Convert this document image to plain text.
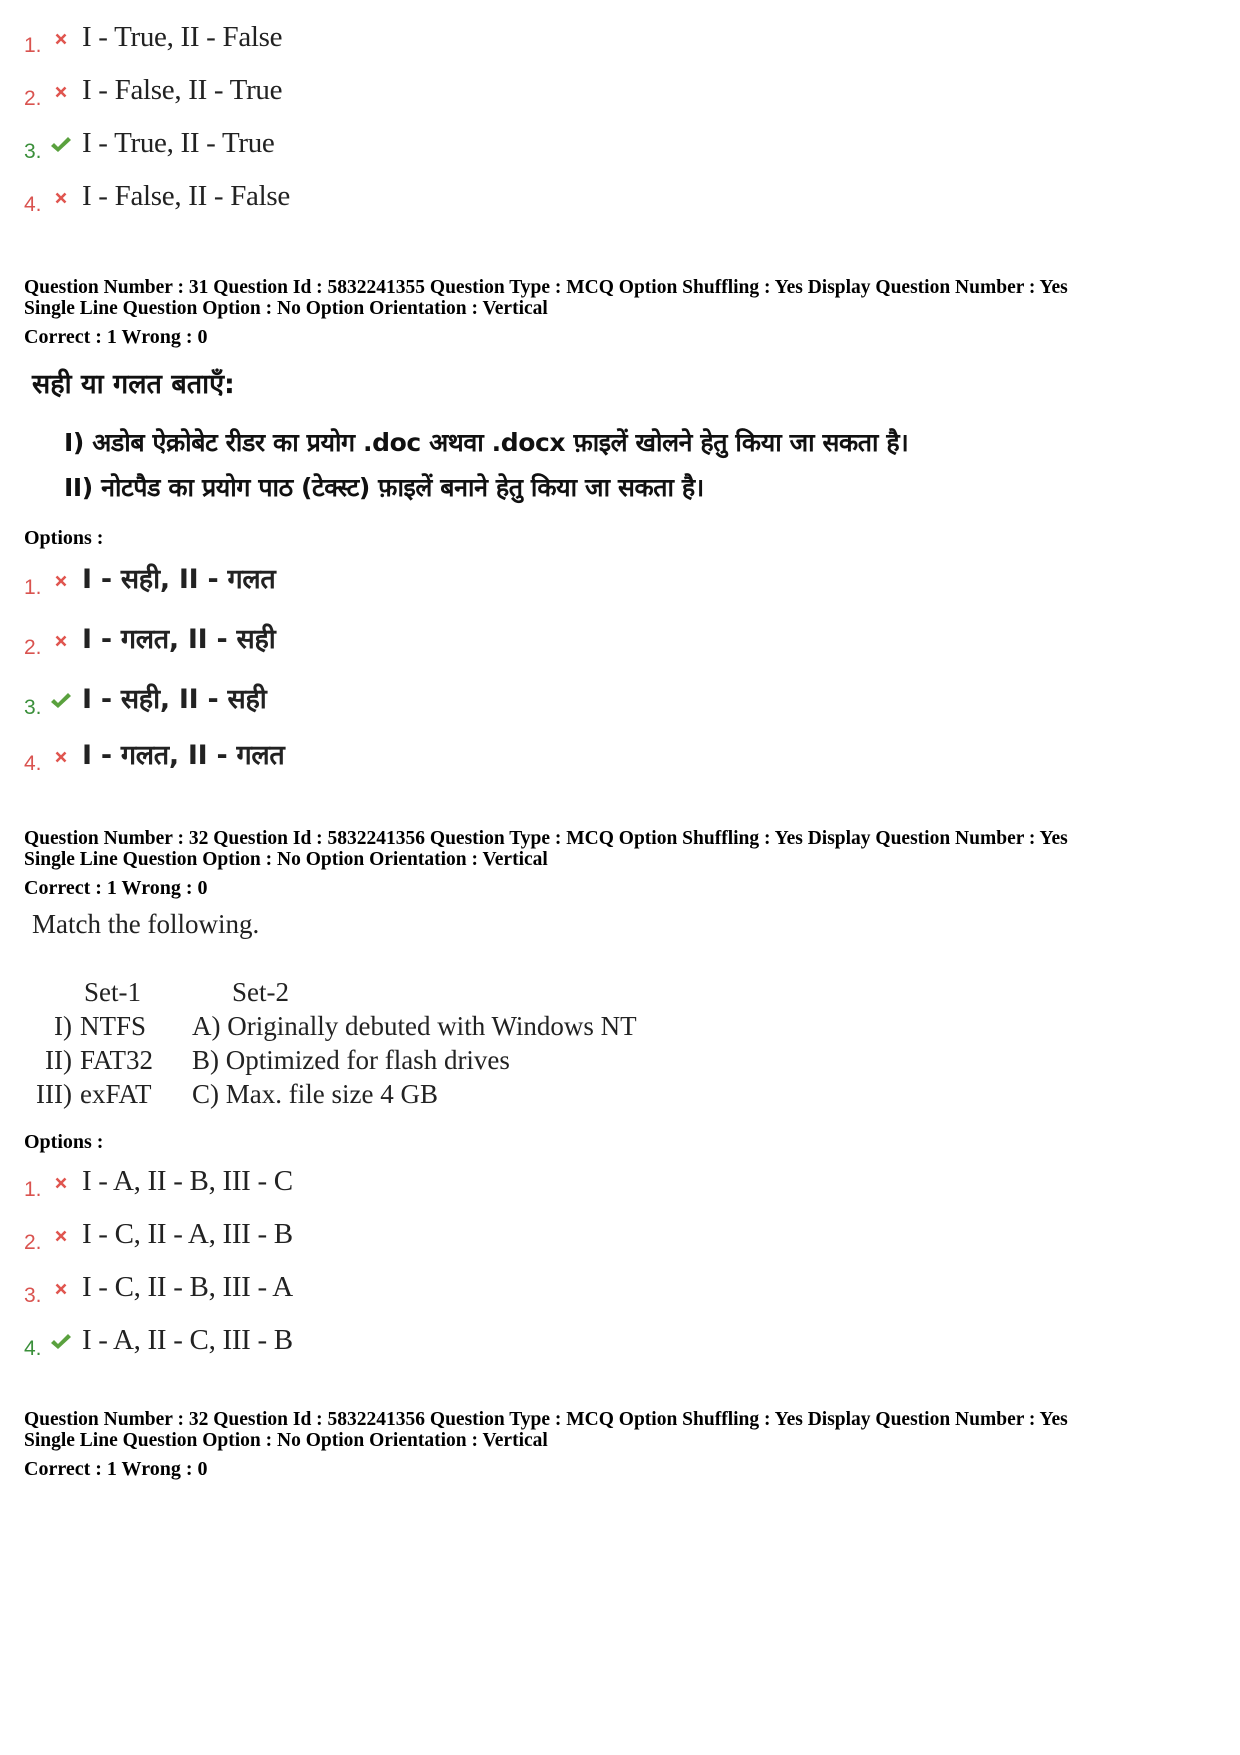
1. I - True, II - False
2. I - False, II - True
3. I - True, II - True
4. I - False, II - False
Question Number : 31 Question Id : 5832241355 Question Type : MCQ Option Shuffling : Yes Display Question Number : Yes
Single Line Question Option : No Option Orientation : Vertical
Correct : 1 Wrong : 0
सही या गलत बताएँ:
I) अडोब ऐक्रोबेट रीडर का प्रयोग .doc अथवा .docx फ़ाइलें खोलने हेतु किया जा सकता है।
II) नोटपैड का प्रयोग पाठ (टेक्स्ट) फ़ाइलें बनाने हेतु किया जा सकता है।
Options :
1. I - सही, II - गलत
2. I - गलत, II - सही
3. I - सही, II - सही
4. I - गलत, II - गलत
Question Number : 32 Question Id : 5832241356 Question Type : MCQ Option Shuffling : Yes Display Question Number : Yes
Single Line Question Option : No Option Orientation : Vertical
Correct : 1 Wrong : 0
Match the following.
	Set-1	Set-2
I)	NTFS	A) Originally debuted with Windows NT
II)	FAT32	B) Optimized for flash drives
III)	exFAT	C) Max. file size 4 GB
Options :
1. I - A, II - B, III - C
2. I - C, II - A, III - B
3. I - C, II - B, III - A
4. I - A, II - C, III - B
Question Number : 32 Question Id : 5832241356 Question Type : MCQ Option Shuffling : Yes Display Question Number : Yes
Single Line Question Option : No Option Orientation : Vertical
Correct : 1 Wrong : 0
